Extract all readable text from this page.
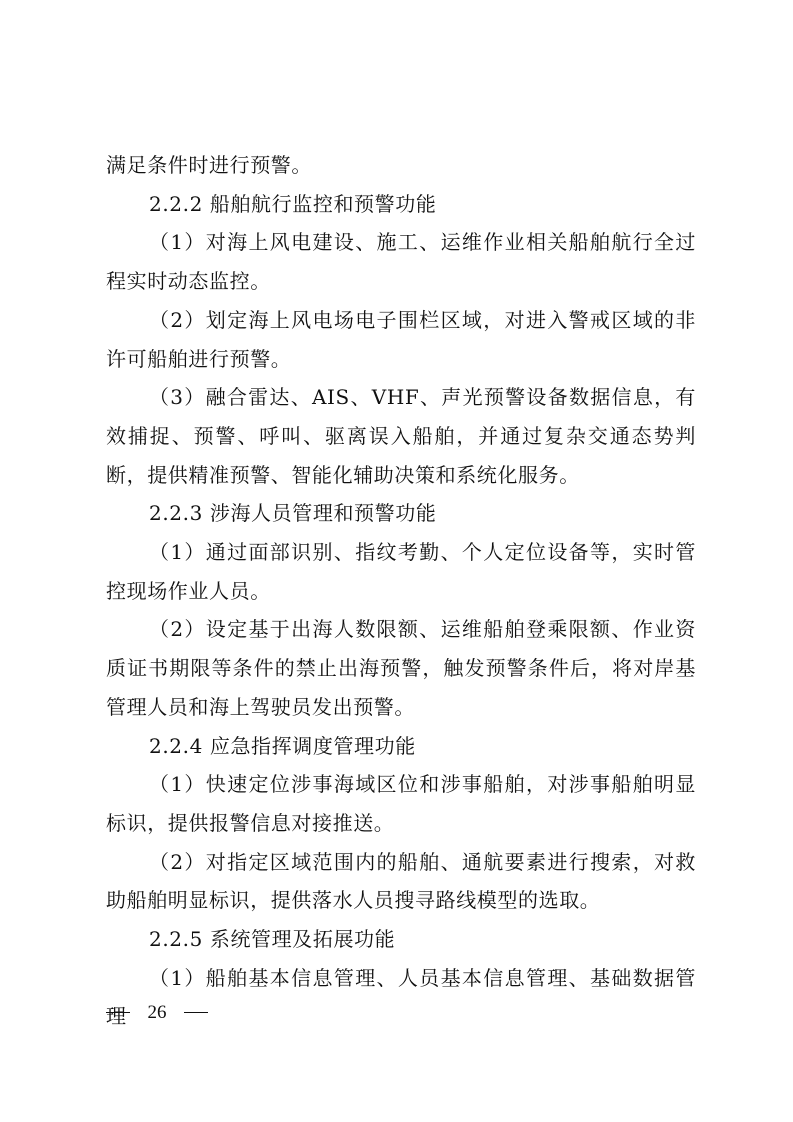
满足条件时进行预警。

2.2.2 船舶航行监控和预警功能

（1）对海上风电建设、施工、运维作业相关船舶航行全过程实时动态监控。

（2）划定海上风电场电子围栏区域，对进入警戒区域的非许可船舶进行预警。

（3）融合雷达、AIS、VHF、声光预警设备数据信息，有效捕捉、预警、呼叫、驱离误入船舶，并通过复杂交通态势判断，提供精准预警、智能化辅助决策和系统化服务。

2.2.3 涉海人员管理和预警功能

（1）通过面部识别、指纹考勤、个人定位设备等，实时管控现场作业人员。

（2）设定基于出海人数限额、运维船舶登乘限额、作业资质证书期限等条件的禁止出海预警，触发预警条件后，将对岸基管理人员和海上驾驶员发出预警。

2.2.4 应急指挥调度管理功能

（1）快速定位涉事海域区位和涉事船舶，对涉事船舶明显标识，提供报警信息对接推送。

（2）对指定区域范围内的船舶、通航要素进行搜索，对救助船舶明显标识，提供落水人员搜寻路线模型的选取。

2.2.5 系统管理及拓展功能

（1）船舶基本信息管理、人员基本信息管理、基础数据管理	26
